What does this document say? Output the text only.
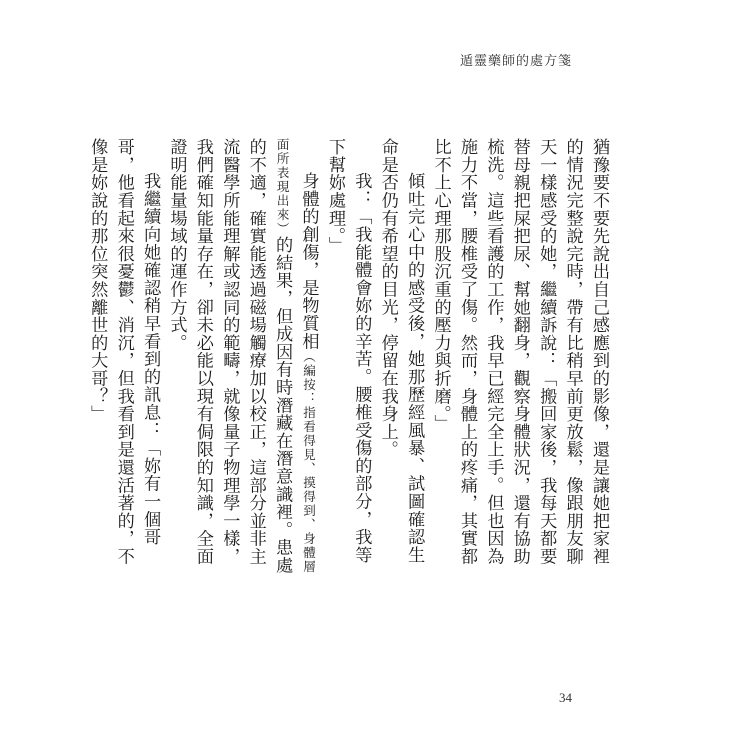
遁靈藥師的處方箋

猶豫要不要先說出自己感應到的影像，還是讓她把家裡的情況完整說完時，帶有比稍早前更放鬆，像跟朋友聊天一樣感受的她，繼續訴說：「搬回家後，我每天都要替母親把屎把尿、幫她翻身，觀察身體狀況，還有協助梳洗。這些看護的工作，我早已經完全上手。但也因為施力不當，腰椎受了傷。然而，身體上的疼痛，其實都比不上心理那股沉重的壓力與折磨。」

傾吐完心中的感受後，她那歷經風暴、試圖確認生命是否仍有希望的目光，停留在我身上。

我：「我能體會妳的辛苦。腰椎受傷的部分，我等下幫妳處理。」

身體的創傷，是物質相（編按：指看得見、摸得到、身體層面所表現出來）的結果，但成因有時潛藏在潛意識裡。患處的不適，確實能透過磁場觸療加以校正，這部分並非主流醫學所能理解或認同的範疇，就像量子物理學一樣，我們確知能量存在，卻未必能以現有侷限的知識，全面證明能量場域的運作方式。

我繼續向她確認稍早看到的訊息：「妳有一個哥哥，他看起來很憂鬱、消沉，但我看到是還活著的，不像是妳說的那位突然離世的大哥？」

34
